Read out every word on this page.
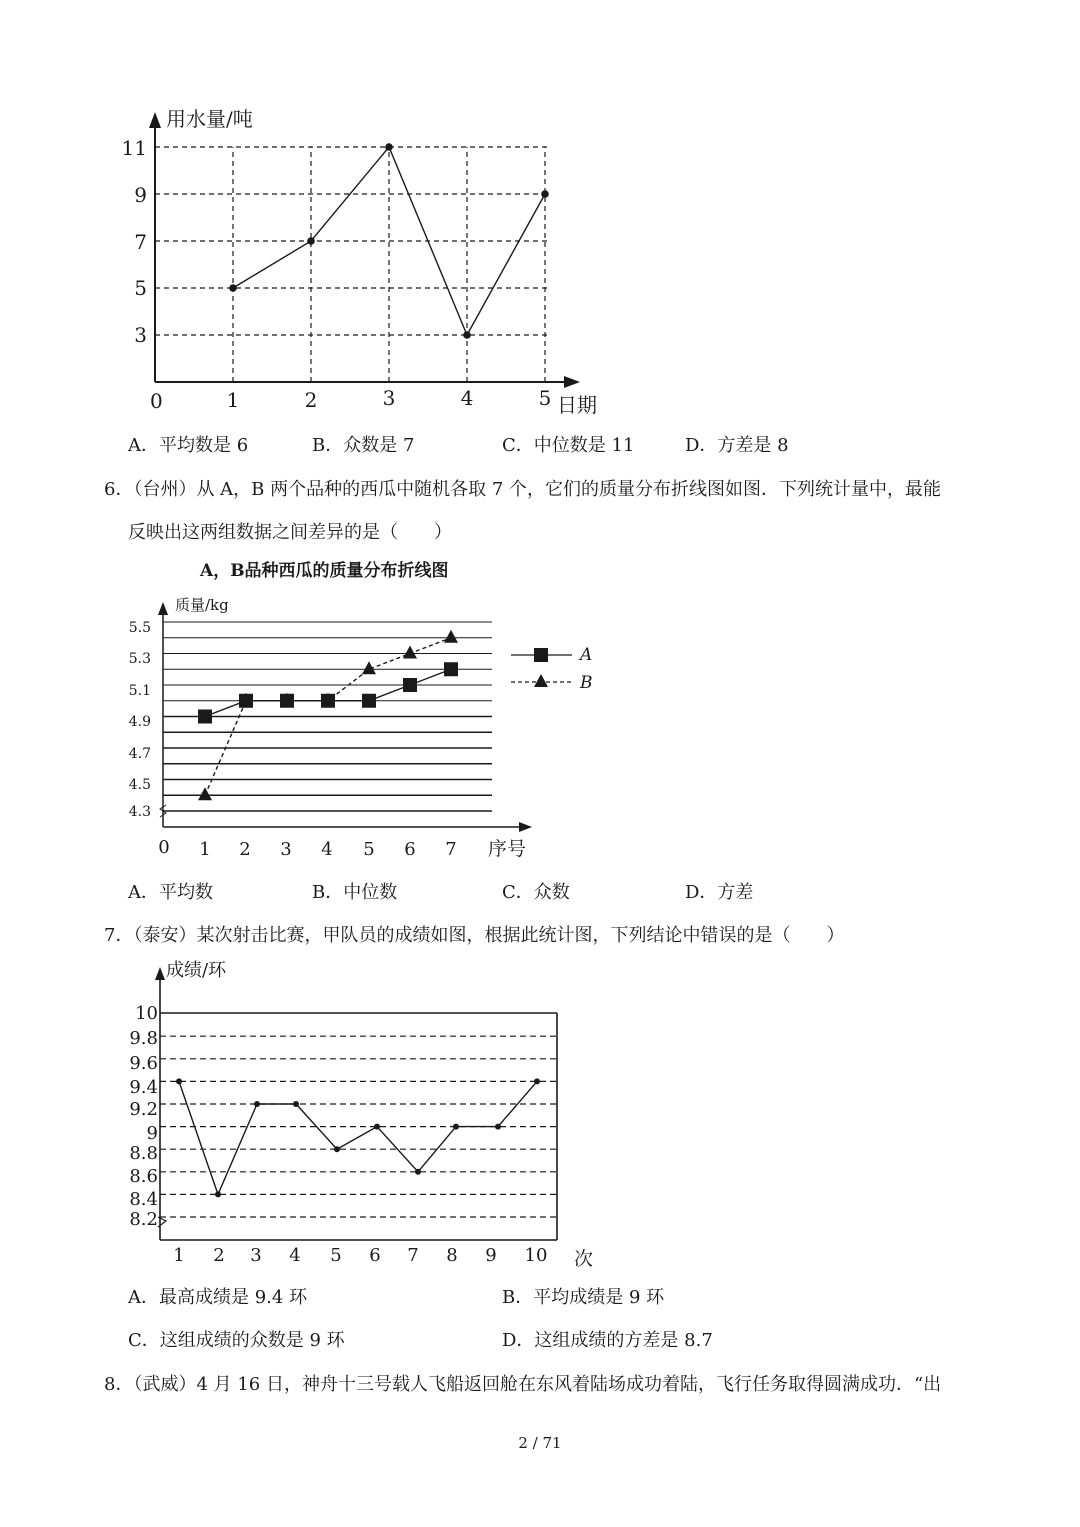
用水量/吨
日期
0
3
5
7
9
11
1	2	3	4	5
A．平均数是 6	B．众数是 7	C．中位数是 11	D．方差是 8
6．（台州）从 A，B 两个品种的西瓜中随机各取 7 个，它们的质量分布折线图如图．下列统计量中，最能
反映出这两组数据之间差异的是（　　）
A，B品种西瓜的质量分布折线图
质量/kg
4.3
4.5
4.7
4.9
5.1
5.3
5.5
0 1 2 3 4 5 6 7 序号
A
B
A．平均数	B．中位数	C．众数	D．方差
7．（泰安）某次射击比赛，甲队员的成绩如图，根据此统计图，下列结论中错误的是（　　）
成绩/环
8.2
8.4
8.6
8.8
9
9.2
9.4
9.6
9.8
10
1 2 3 4 5 6 7 8 9 10 次
A．最高成绩是 9.4 环	B．平均成绩是 9 环
C．这组成绩的众数是 9 环	D．这组成绩的方差是 8.7
8．（武威）4 月 16 日，神舟十三号载人飞船返回舱在东风着陆场成功着陆，飞行任务取得圆满成功．“出
2 / 71
